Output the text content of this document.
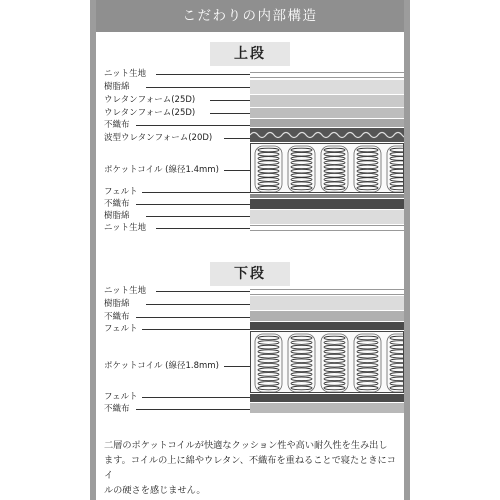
こだわりの内部構造
上段
ニット生地
樹脂綿
ウレタンフォーム(25D)
ウレタンフォーム(25D)
不織布
波型ウレタンフォーム(20D)
ポケットコイル (線径1.4mm)
フェルト
不織布
樹脂綿
ニット生地
下段
ニット生地
樹脂綿
不織布
フェルト
ポケットコイル (線径1.8mm)
フェルト
不織布
二層のポケットコイルが快適なクッション性や高い耐久性を生み出し
ます。コイルの上に綿やウレタン、不織布を重ねることで寝たときにコイ
ルの硬さを感じません。
